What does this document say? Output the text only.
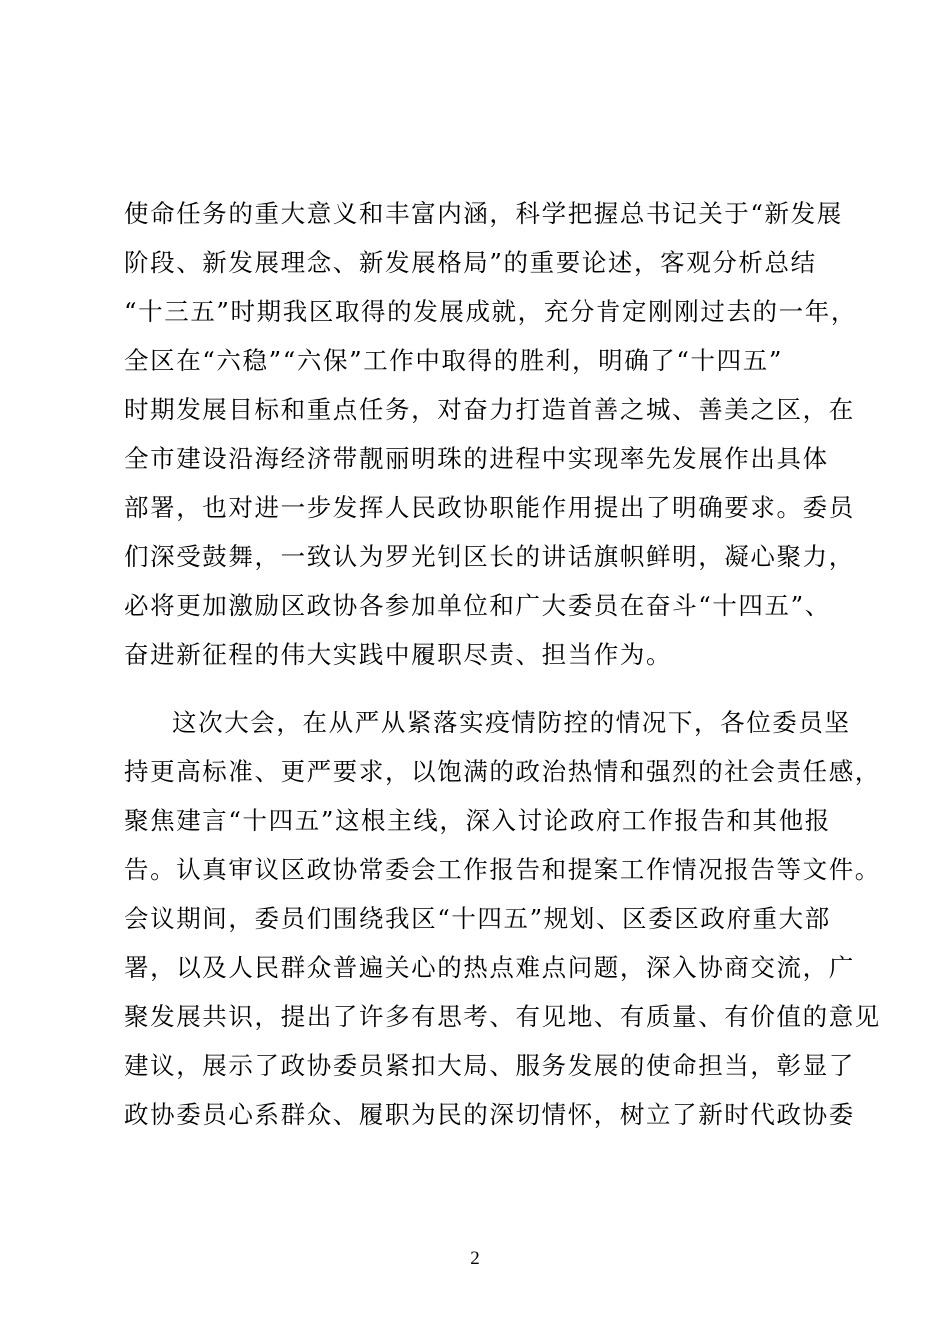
使命任务的重大意义和丰富内涵，科学把握总书记关于“新发展
阶段、新发展理念、新发展格局”的重要论述，客观分析总结
“十三五”时期我区取得的发展成就，充分肯定刚刚过去的一年，
全区在“六稳”“六保”工作中取得的胜利，明确了“十四五”
时期发展目标和重点任务，对奋力打造首善之城、善美之区，在
全市建设沿海经济带靓丽明珠的进程中实现率先发展作出具体
部署，也对进一步发挥人民政协职能作用提出了明确要求。委员
们深受鼓舞，一致认为罗光钊区长的讲话旗帜鲜明，凝心聚力，
必将更加激励区政协各参加单位和广大委员在奋斗“十四五”、
奋进新征程的伟大实践中履职尽责、担当作为。
这次大会，在从严从紧落实疫情防控的情况下，各位委员坚
持更高标准、更严要求，以饱满的政治热情和强烈的社会责任感，
聚焦建言“十四五”这根主线，深入讨论政府工作报告和其他报
告。认真审议区政协常委会工作报告和提案工作情况报告等文件。
会议期间，委员们围绕我区“十四五”规划、区委区政府重大部
署，以及人民群众普遍关心的热点难点问题，深入协商交流，广
聚发展共识，提出了许多有思考、有见地、有质量、有价值的意见
建议，展示了政协委员紧扣大局、服务发展的使命担当，彰显了
政协委员心系群众、履职为民的深切情怀，树立了新时代政协委
2
